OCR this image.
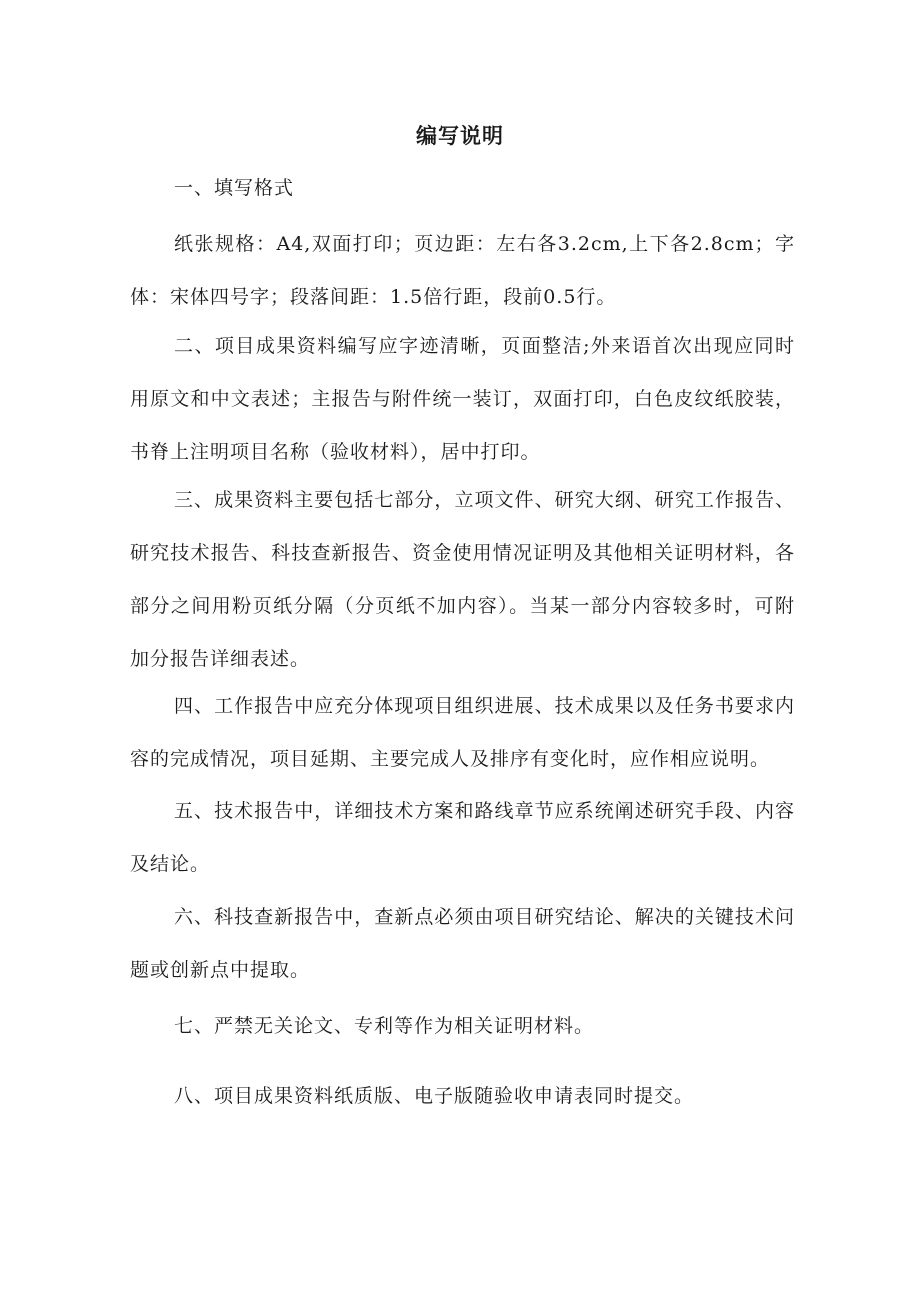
编写说明

一、填写格式

纸张规格：A4,双面打印；页边距：左右各3.2cm,上下各2.8cm；字体：宋体四号字；段落间距：1.5倍行距，段前0.5行。

二、项目成果资料编写应字迹清晰，页面整洁;外来语首次出现应同时用原文和中文表述；主报告与附件统一装订，双面打印，白色皮纹纸胶装，书脊上注明项目名称（验收材料），居中打印。

三、成果资料主要包括七部分，立项文件、研究大纲、研究工作报告、研究技术报告、科技查新报告、资金使用情况证明及其他相关证明材料，各部分之间用粉页纸分隔（分页纸不加内容）。当某一部分内容较多时，可附加分报告详细表述。

四、工作报告中应充分体现项目组织进展、技术成果以及任务书要求内容的完成情况，项目延期、主要完成人及排序有变化时，应作相应说明。

五、技术报告中，详细技术方案和路线章节应系统阐述研究手段、内容及结论。

六、科技查新报告中，查新点必须由项目研究结论、解决的关键技术问题或创新点中提取。

七、严禁无关论文、专利等作为相关证明材料。

八、项目成果资料纸质版、电子版随验收申请表同时提交。
